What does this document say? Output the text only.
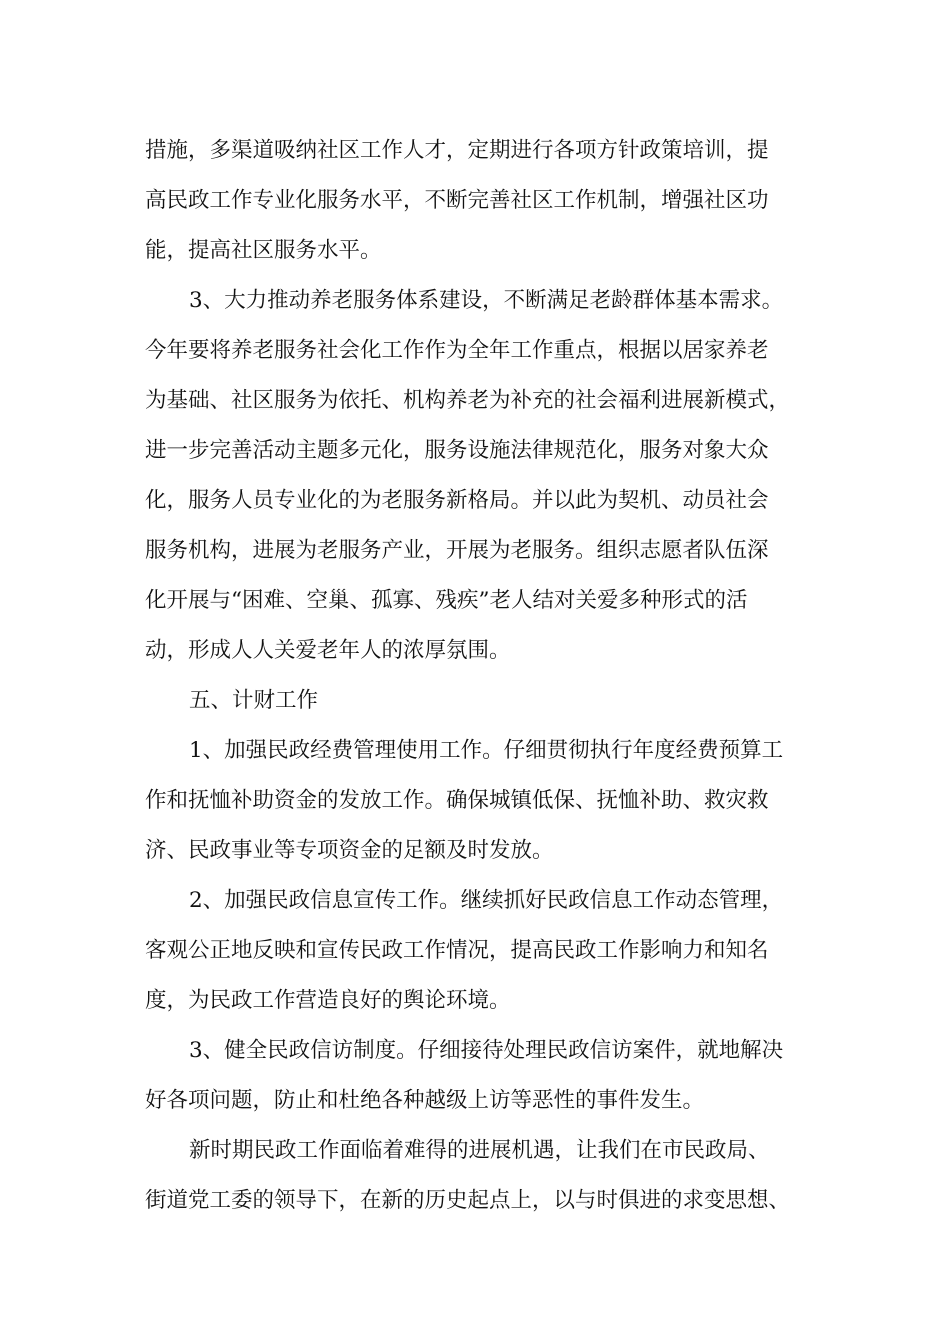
措施，多渠道吸纳社区工作人才，定期进行各项方针政策培训，提
高民政工作专业化服务水平，不断完善社区工作机制，增强社区功
能，提高社区服务水平。
3、大力推动养老服务体系建设，不断满足老龄群体基本需求。
今年要将养老服务社会化工作作为全年工作重点，根据以居家养老
为基础、社区服务为依托、机构养老为补充的社会福利进展新模式，
进一步完善活动主题多元化，服务设施法律规范化，服务对象大众
化，服务人员专业化的为老服务新格局。并以此为契机、动员社会
服务机构，进展为老服务产业，开展为老服务。组织志愿者队伍深
化开展与“困难、空巢、孤寡、残疾”老人结对关爱多种形式的活
动，形成人人关爱老年人的浓厚氛围。
五、计财工作
1、加强民政经费管理使用工作。仔细贯彻执行年度经费预算工
作和抚恤补助资金的发放工作。确保城镇低保、抚恤补助、救灾救
济、民政事业等专项资金的足额及时发放。
2、加强民政信息宣传工作。继续抓好民政信息工作动态管理，
客观公正地反映和宣传民政工作情况，提高民政工作影响力和知名
度，为民政工作营造良好的舆论环境。
3、健全民政信访制度。仔细接待处理民政信访案件，就地解决
好各项问题，防止和杜绝各种越级上访等恶性的事件发生。
新时期民政工作面临着难得的进展机遇，让我们在市民政局、
街道党工委的领导下，在新的历史起点上，以与时俱进的求变思想、
